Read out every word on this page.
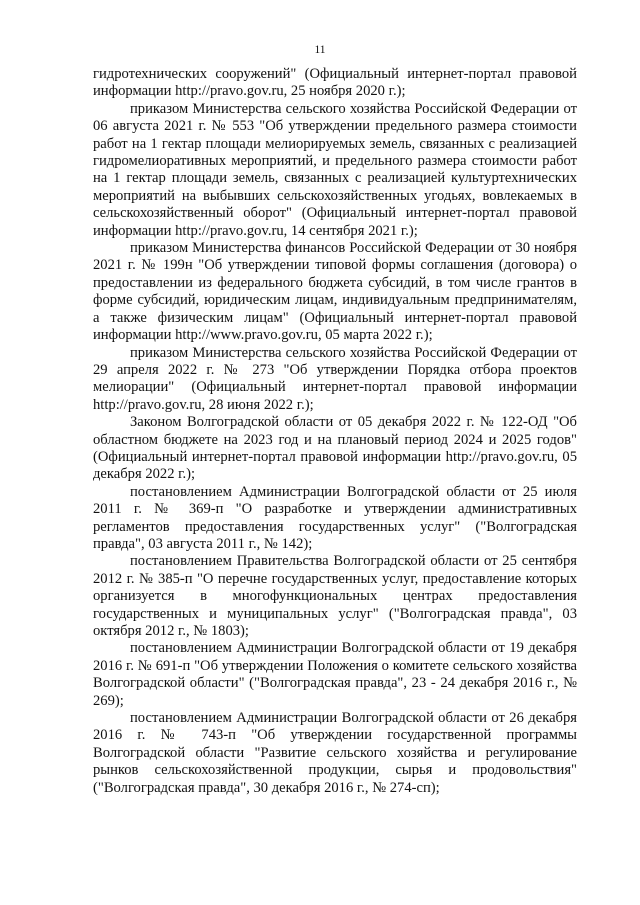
11

гидротехнических сооружений" (Официальный интернет-портал правовой информации http://pravo.gov.ru, 25 ноября 2020 г.);

приказом Министерства сельского хозяйства Российской Федерации от 06 августа 2021 г. № 553 "Об утверждении предельного размера стоимости работ на 1 гектар площади мелиорируемых земель, связанных с реализацией гидромелиоративных мероприятий, и предельного размера стоимости работ на 1 гектар площади земель, связанных с реализацией культуртехнических мероприятий на выбывших сельскохозяйственных угодьях, вовлекаемых в сельскохозяйственный оборот" (Официальный интернет-портал правовой информации http://pravo.gov.ru, 14 сентября 2021 г.);

приказом Министерства финансов Российской Федерации от 30 ноября 2021 г. № 199н "Об утверждении типовой формы соглашения (договора) о предоставлении из федерального бюджета субсидий, в том числе грантов в форме субсидий, юридическим лицам, индивидуальным предпринимателям, а также физическим лицам" (Официальный интернет-портал правовой информации http://www.pravo.gov.ru, 05 марта 2022 г.);

приказом Министерства сельского хозяйства Российской Федерации от 29 апреля 2022 г. № 273 "Об утверждении Порядка отбора проектов мелиорации" (Официальный интернет-портал правовой информации http://pravo.gov.ru, 28 июня 2022 г.);

Законом Волгоградской области от 05 декабря 2022 г. № 122-ОД "Об областном бюджете на 2023 год и на плановый период 2024 и 2025 годов" (Официальный интернет-портал правовой информации http://pravo.gov.ru, 05 декабря 2022 г.);

постановлением Администрации Волгоградской области от 25 июля 2011 г. № 369-п "О разработке и утверждении административных регламентов предоставления государственных услуг" ("Волгоградская правда", 03 августа 2011 г., № 142);

постановлением Правительства Волгоградской области от 25 сентября 2012 г. № 385-п "О перечне государственных услуг, предоставление которых организуется в многофункциональных центрах предоставления государственных и муниципальных услуг" ("Волгоградская правда", 03 октября 2012 г., № 1803);

постановлением Администрации Волгоградской области от 19 декабря 2016 г. № 691-п "Об утверждении Положения о комитете сельского хозяйства Волгоградской области" ("Волгоградская правда", 23 - 24 декабря 2016 г., № 269);

постановлением Администрации Волгоградской области от 26 декабря 2016 г. № 743-п "Об утверждении государственной программы Волгоградской области "Развитие сельского хозяйства и регулирование рынков сельскохозяйственной продукции, сырья и продовольствия" ("Волгоградская правда", 30 декабря 2016 г., № 274-сп);
